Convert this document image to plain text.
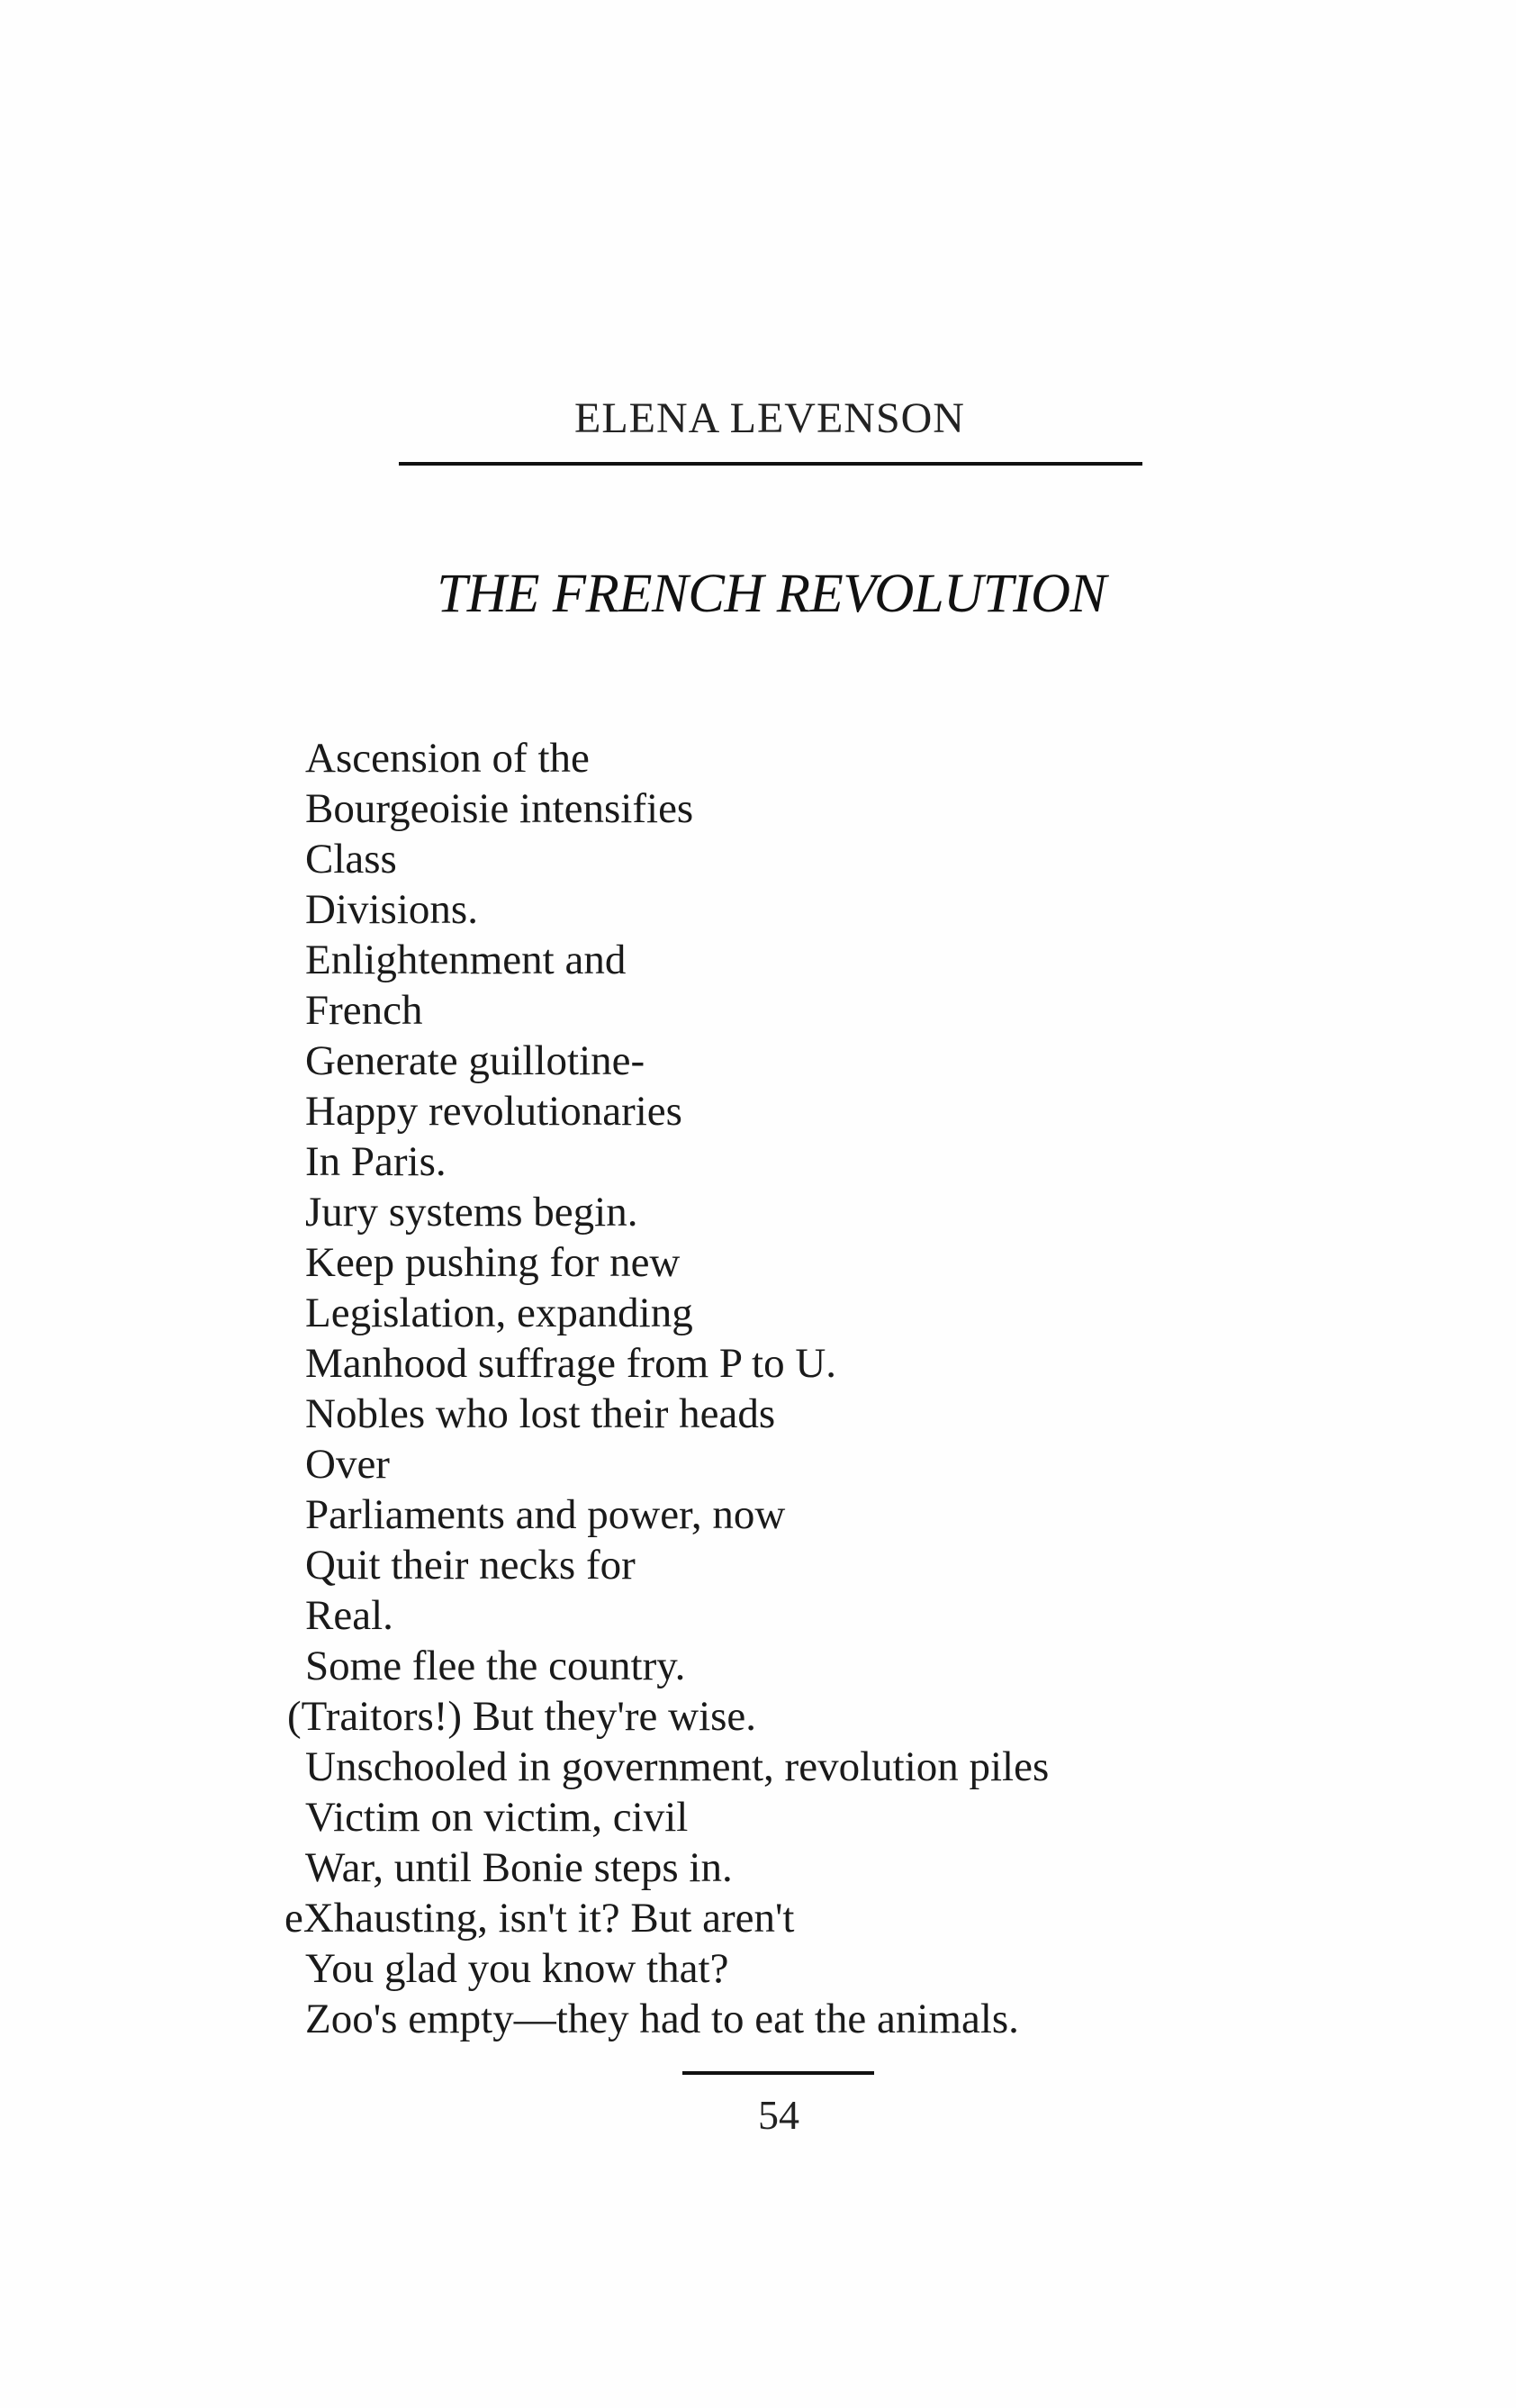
ELENA LEVENSON
THE FRENCH REVOLUTION
Ascension of the
Bourgeoisie intensifies
Class
Divisions.
Enlightenment and
French
Generate guillotine-
Happy revolutionaries
In Paris.
Jury systems begin.
Keep pushing for new
Legislation, expanding
Manhood suffrage from P to U.
Nobles who lost their heads
Over
Parliaments and power, now
Quit their necks for
Real.
Some flee the country.
(Traitors!) But they're wise.
Unschooled in government, revolution piles
Victim on victim, civil
War, until Bonie steps in.
eXhausting, isn't it? But aren't
You glad you know that?
Zoo's empty—they had to eat the animals.
54
